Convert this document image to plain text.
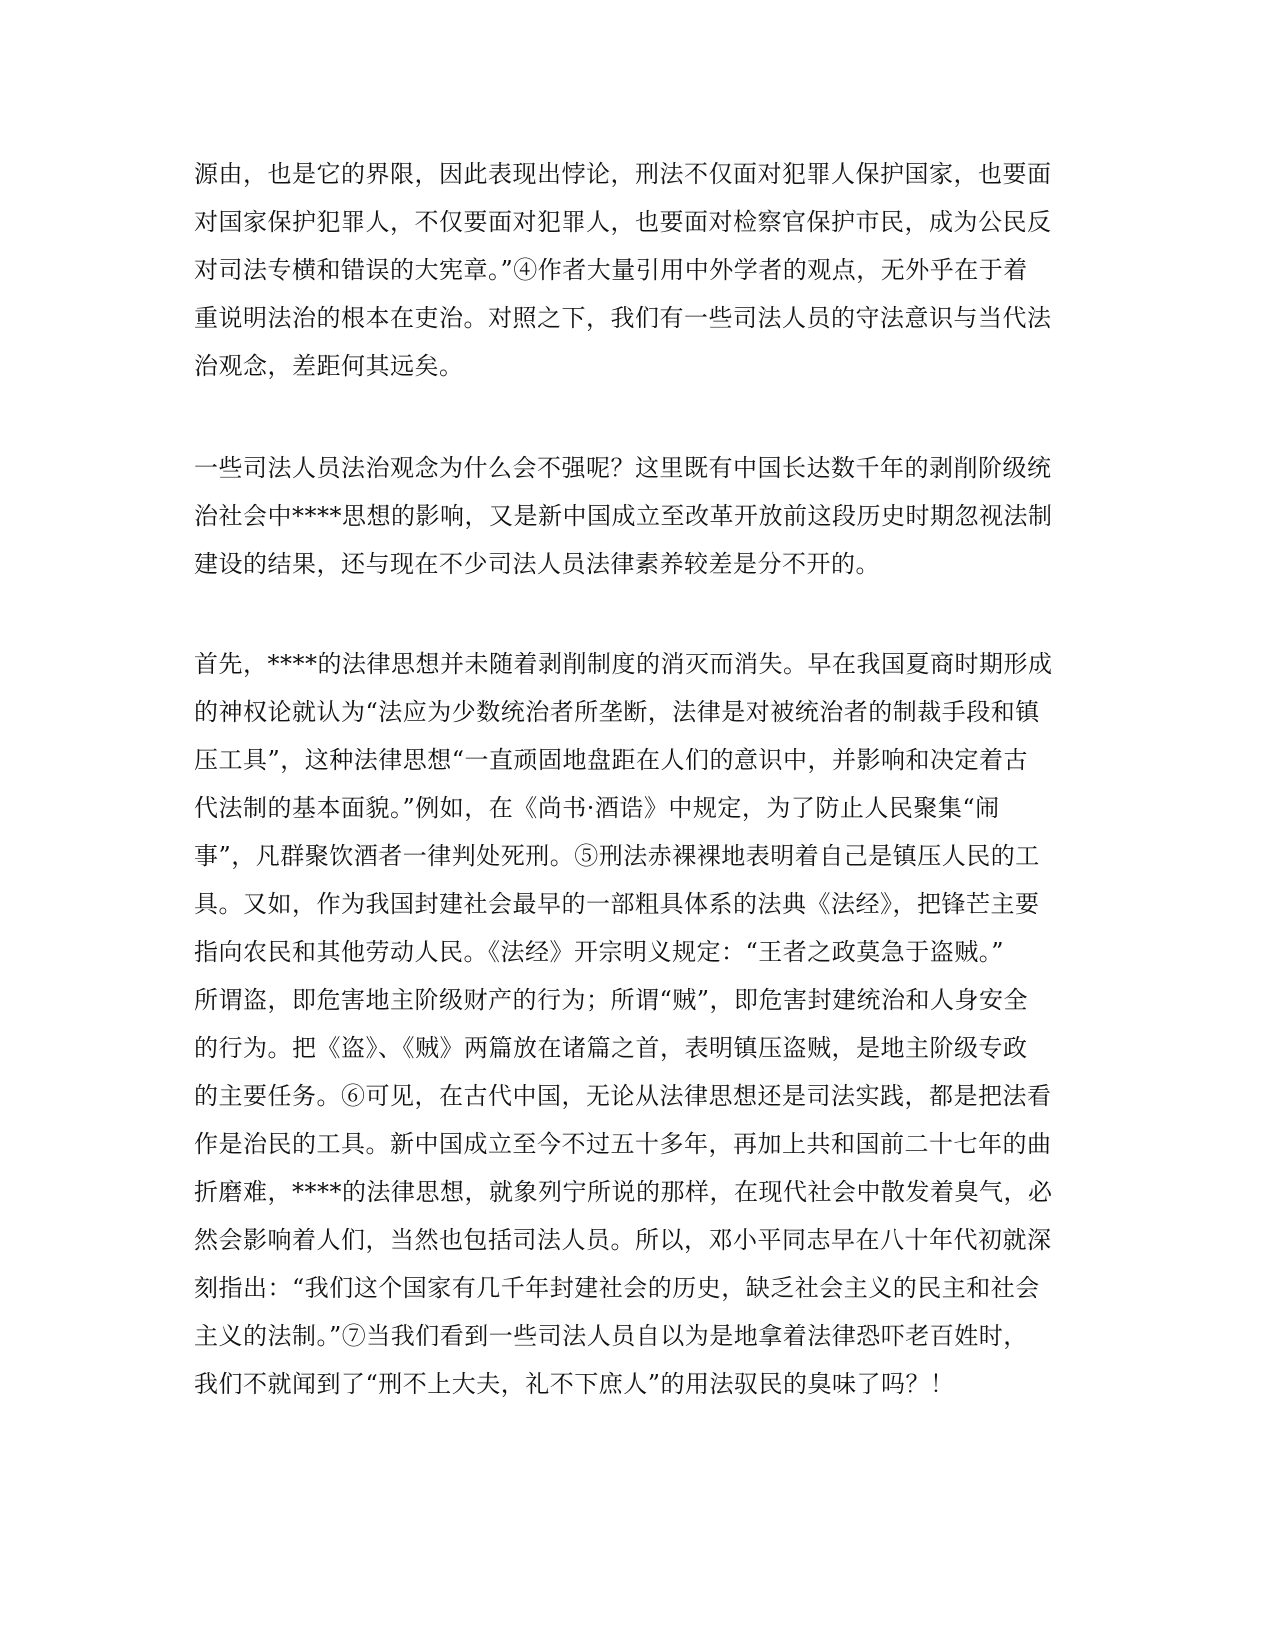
源由，也是它的界限，因此表现出悖论，刑法不仅面对犯罪人保护国家，也要面
对国家保护犯罪人，不仅要面对犯罪人，也要面对检察官保护市民，成为公民反
对司法专横和错误的大宪章。”④作者大量引用中外学者的观点，无外乎在于着
重说明法治的根本在吏治。对照之下，我们有一些司法人员的守法意识与当代法
治观念，差距何其远矣。
一些司法人员法治观念为什么会不强呢？这里既有中国长达数千年的剥削阶级统
治社会中****思想的影响，又是新中国成立至改革开放前这段历史时期忽视法制
建设的结果，还与现在不少司法人员法律素养较差是分不开的。
首先，****的法律思想并未随着剥削制度的消灭而消失。早在我国夏商时期形成
的神权论就认为“法应为少数统治者所垄断，法律是对被统治者的制裁手段和镇
压工具”，这种法律思想“一直顽固地盘距在人们的意识中，并影响和决定着古
代法制的基本面貌。”例如，在《尚书·酒诰》中规定，为了防止人民聚集“闹
事”，凡群聚饮酒者一律判处死刑。⑤刑法赤裸裸地表明着自己是镇压人民的工
具。又如，作为我国封建社会最早的一部粗具体系的法典《法经》，把锋芒主要
指向农民和其他劳动人民。《法经》开宗明义规定：“王者之政莫急于盗贼。”
所谓盗，即危害地主阶级财产的行为；所谓“贼”，即危害封建统治和人身安全
的行为。把《盗》、《贼》两篇放在诸篇之首，表明镇压盗贼，是地主阶级专政
的主要任务。⑥可见，在古代中国，无论从法律思想还是司法实践，都是把法看
作是治民的工具。新中国成立至今不过五十多年，再加上共和国前二十七年的曲
折磨难，****的法律思想，就象列宁所说的那样，在现代社会中散发着臭气，必
然会影响着人们，当然也包括司法人员。所以，邓小平同志早在八十年代初就深
刻指出：“我们这个国家有几千年封建社会的历史，缺乏社会主义的民主和社会
主义的法制。”⑦当我们看到一些司法人员自以为是地拿着法律恐吓老百姓时，
我们不就闻到了“刑不上大夫，礼不下庶人”的用法驭民的臭味了吗？！
